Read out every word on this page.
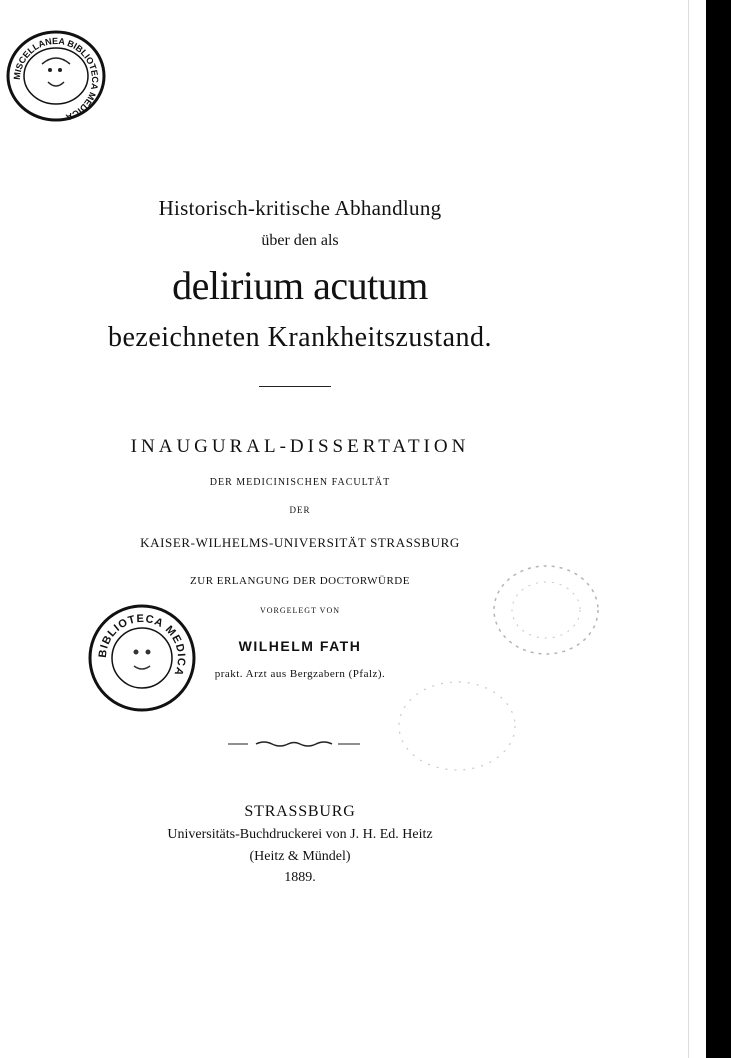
MISCELLANEA BIBLIOTECA MEDICA
Historisch-kritische Abhandlung
über den als
delirium acutum
bezeichneten Krankheitszustand.
INAUGURAL-DISSERTATION
DER MEDICINISCHEN FACULTÄT
DER
KAISER-WILHELMS-UNIVERSITÄT STRASSBURG
ZUR ERLANGUNG DER DOCTORWÜRDE
VORGELEGT VON
WILHELM FATH
prakt. Arzt aus Bergzabern (Pfalz).
BIBLIOTECA MEDICA
STRASSBURG
Universitäts-Buchdruckerei von J. H. Ed. Heitz
(Heitz & Mündel)
1889.
